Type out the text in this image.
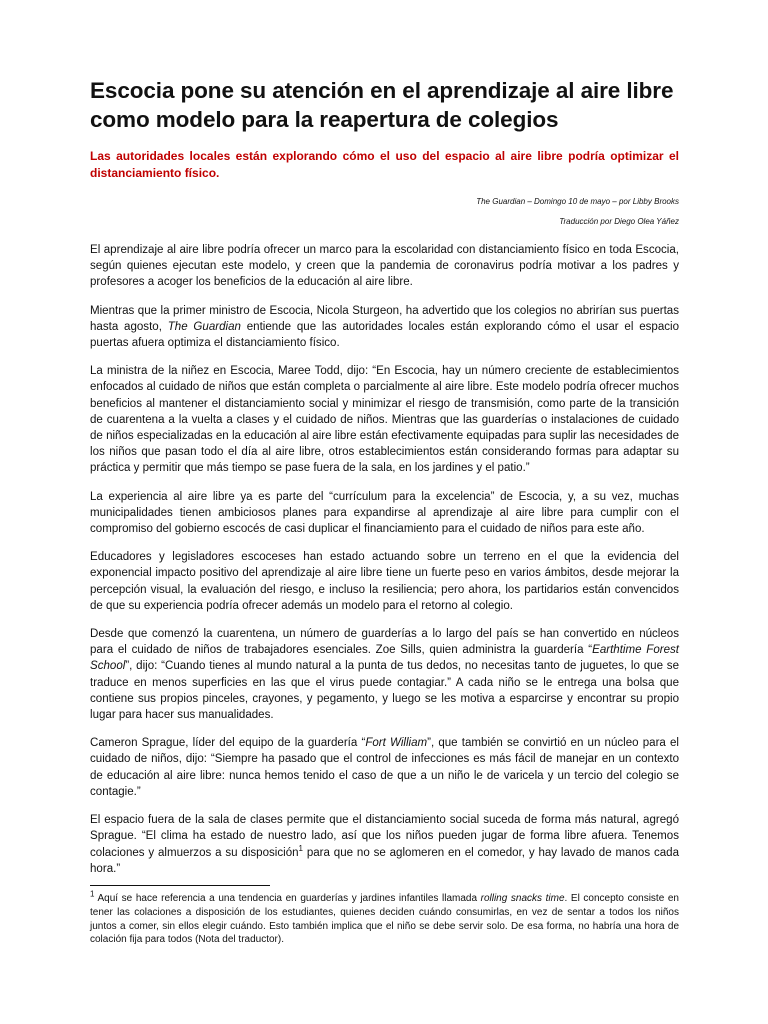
Escocia pone su atención en el aprendizaje al aire libre como modelo para la reapertura de colegios

Las autoridades locales están explorando cómo el uso del espacio al aire libre podría optimizar el distanciamiento físico.

The Guardian – Domingo 10 de mayo – por Libby Brooks
Traducción por Diego Olea Yáñez

El aprendizaje al aire libre podría ofrecer un marco para la escolaridad con distanciamiento físico en toda Escocia, según quienes ejecutan este modelo, y creen que la pandemia de coronavirus podría motivar a los padres y profesores a acoger los beneficios de la educación al aire libre.

Mientras que la primer ministro de Escocia, Nicola Sturgeon, ha advertido que los colegios no abrirían sus puertas hasta agosto, The Guardian entiende que las autoridades locales están explorando cómo el usar el espacio puertas afuera optimiza el distanciamiento físico.

La ministra de la niñez en Escocia, Maree Todd, dijo: “En Escocia, hay un número creciente de establecimientos enfocados al cuidado de niños que están completa o parcialmente al aire libre. Este modelo podría ofrecer muchos beneficios al mantener el distanciamiento social y minimizar el riesgo de transmisión, como parte de la transición de cuarentena a la vuelta a clases y el cuidado de niños. Mientras que las guarderías o instalaciones de cuidado de niños especializadas en la educación al aire libre están efectivamente equipadas para suplir las necesidades de los niños que pasan todo el día al aire libre, otros establecimientos están considerando formas para adaptar su práctica y permitir que más tiempo se pase fuera de la sala, en los jardines y el patio.”

La experiencia al aire libre ya es parte del “currículum para la excelencia” de Escocia, y, a su vez, muchas municipalidades tienen ambiciosos planes para expandirse al aprendizaje al aire libre para cumplir con el compromiso del gobierno escocés de casi duplicar el financiamiento para el cuidado de niños para este año.

Educadores y legisladores escoceses han estado actuando sobre un terreno en el que la evidencia del exponencial impacto positivo del aprendizaje al aire libre tiene un fuerte peso en varios ámbitos, desde mejorar la percepción visual, la evaluación del riesgo, e incluso la resiliencia; pero ahora, los partidarios están convencidos de que su experiencia podría ofrecer además un modelo para el retorno al colegio.

Desde que comenzó la cuarentena, un número de guarderías a lo largo del país se han convertido en núcleos para el cuidado de niños de trabajadores esenciales. Zoe Sills, quien administra la guardería “Earthtime Forest School”, dijo: “Cuando tienes al mundo natural a la punta de tus dedos, no necesitas tanto de juguetes, lo que se traduce en menos superficies en las que el virus puede contagiar.” A cada niño se le entrega una bolsa que contiene sus propios pinceles, crayones, y pegamento, y luego se les motiva a esparcirse y encontrar su propio lugar para hacer sus manualidades.

Cameron Sprague, líder del equipo de la guardería “Fort William”, que también se convirtió en un núcleo para el cuidado de niños, dijo: “Siempre ha pasado que el control de infecciones es más fácil de manejar en un contexto de educación al aire libre: nunca hemos tenido el caso de que a un niño le de varicela y un tercio del colegio se contagie.”

El espacio fuera de la sala de clases permite que el distanciamiento social suceda de forma más natural, agregó Sprague. “El clima ha estado de nuestro lado, así que los niños pueden jugar de forma libre afuera. Tenemos colaciones y almuerzos a su disposición$^1$ para que no se aglomeren en el comedor, y hay lavado de manos cada hora.”

$^1$ Aquí se hace referencia a una tendencia en guarderías y jardines infantiles llamada rolling snacks time. El concepto consiste en tener las colaciones a disposición de los estudiantes, quienes deciden cuándo consumirlas, en vez de sentar a todos los niños juntos a comer, sin ellos elegir cuándo. Esto también implica que el niño se debe servir solo. De esa forma, no habría una hora de colación fija para todos (Nota del traductor).
